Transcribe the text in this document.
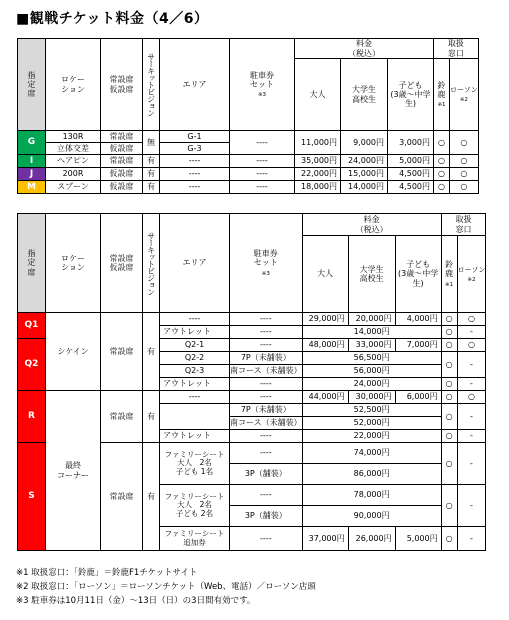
■観戦チケット料金（4／6）
指
定
席	ロケー
ション	常設席
仮設席	サーキットビジョン	エリア	駐車券
セット
※3	料金
（税込）			取扱
窓口	
						大人	大学生
高校生	子ども
(3歳～中学生)	鈴
鹿
※1	ローソン
※2

G	130R	常設席	無	G-1	----	11,000円	9,000円	3,000円	○	○
	立体交差	仮設席		G-3						
I	ヘアピン	常設席	有	----	----	35,000円	24,000円	5,000円	○	○
J	200R	仮設席	有	----	----	22,000円	15,000円	4,500円	○	○
M	スプーン	仮設席	有	----	----	18,000円	14,000円	4,500円	○	○
指
定
席	ロケー
ション	常設席
仮設席	サーキットビジョン	エリア	駐車券
セット
※3	料金
（税込）			取扱
窓口	
						大人	大学生
高校生	子ども
(3歳～中学生)	鈴
鹿
※1	ローソン
※2

Q1	シケイン	常設席	有	----	----	29,000円	20,000円	4,000円	○	○
				アウトレット	----	14,000円			○	-
Q2				Q2-1	----	48,000円	33,000円	7,000円	○	○
				Q2-2	7P（未舗装）	56,500円			○	-
				Q2-3	南コース（未舗装）	56,000円				
				アウトレット	----	24,000円			○	-
R	最終
コーナー	常設席	有	----	----	44,000円	30,000円	6,000円	○	○
					7P（未舗装）	52,500円			○	-
					南コース（未舗装）	52,000円				
				アウトレット	----	22,000円			○	-
S		常設席	有	ファミリーシート
大人　2名
子ども 1名	----	74,000円			○	-
					3P（舗装）	86,000円				
				ファミリーシート
大人　2名
子ども 2名	----	78,000円			○	-
					3P（舗装）	90,000円				
				ファミリーシート
追加券	----	37,000円	26,000円	5,000円	○	-
※1 取扱窓口：「鈴鹿」＝鈴鹿F1チケットサイト
※2 取扱窓口：「ローソン」＝ローソンチケット（Web、電話）／ローソン店頭
※3 駐車券は10月11日（金）～13日（日）の3日間有効です。
